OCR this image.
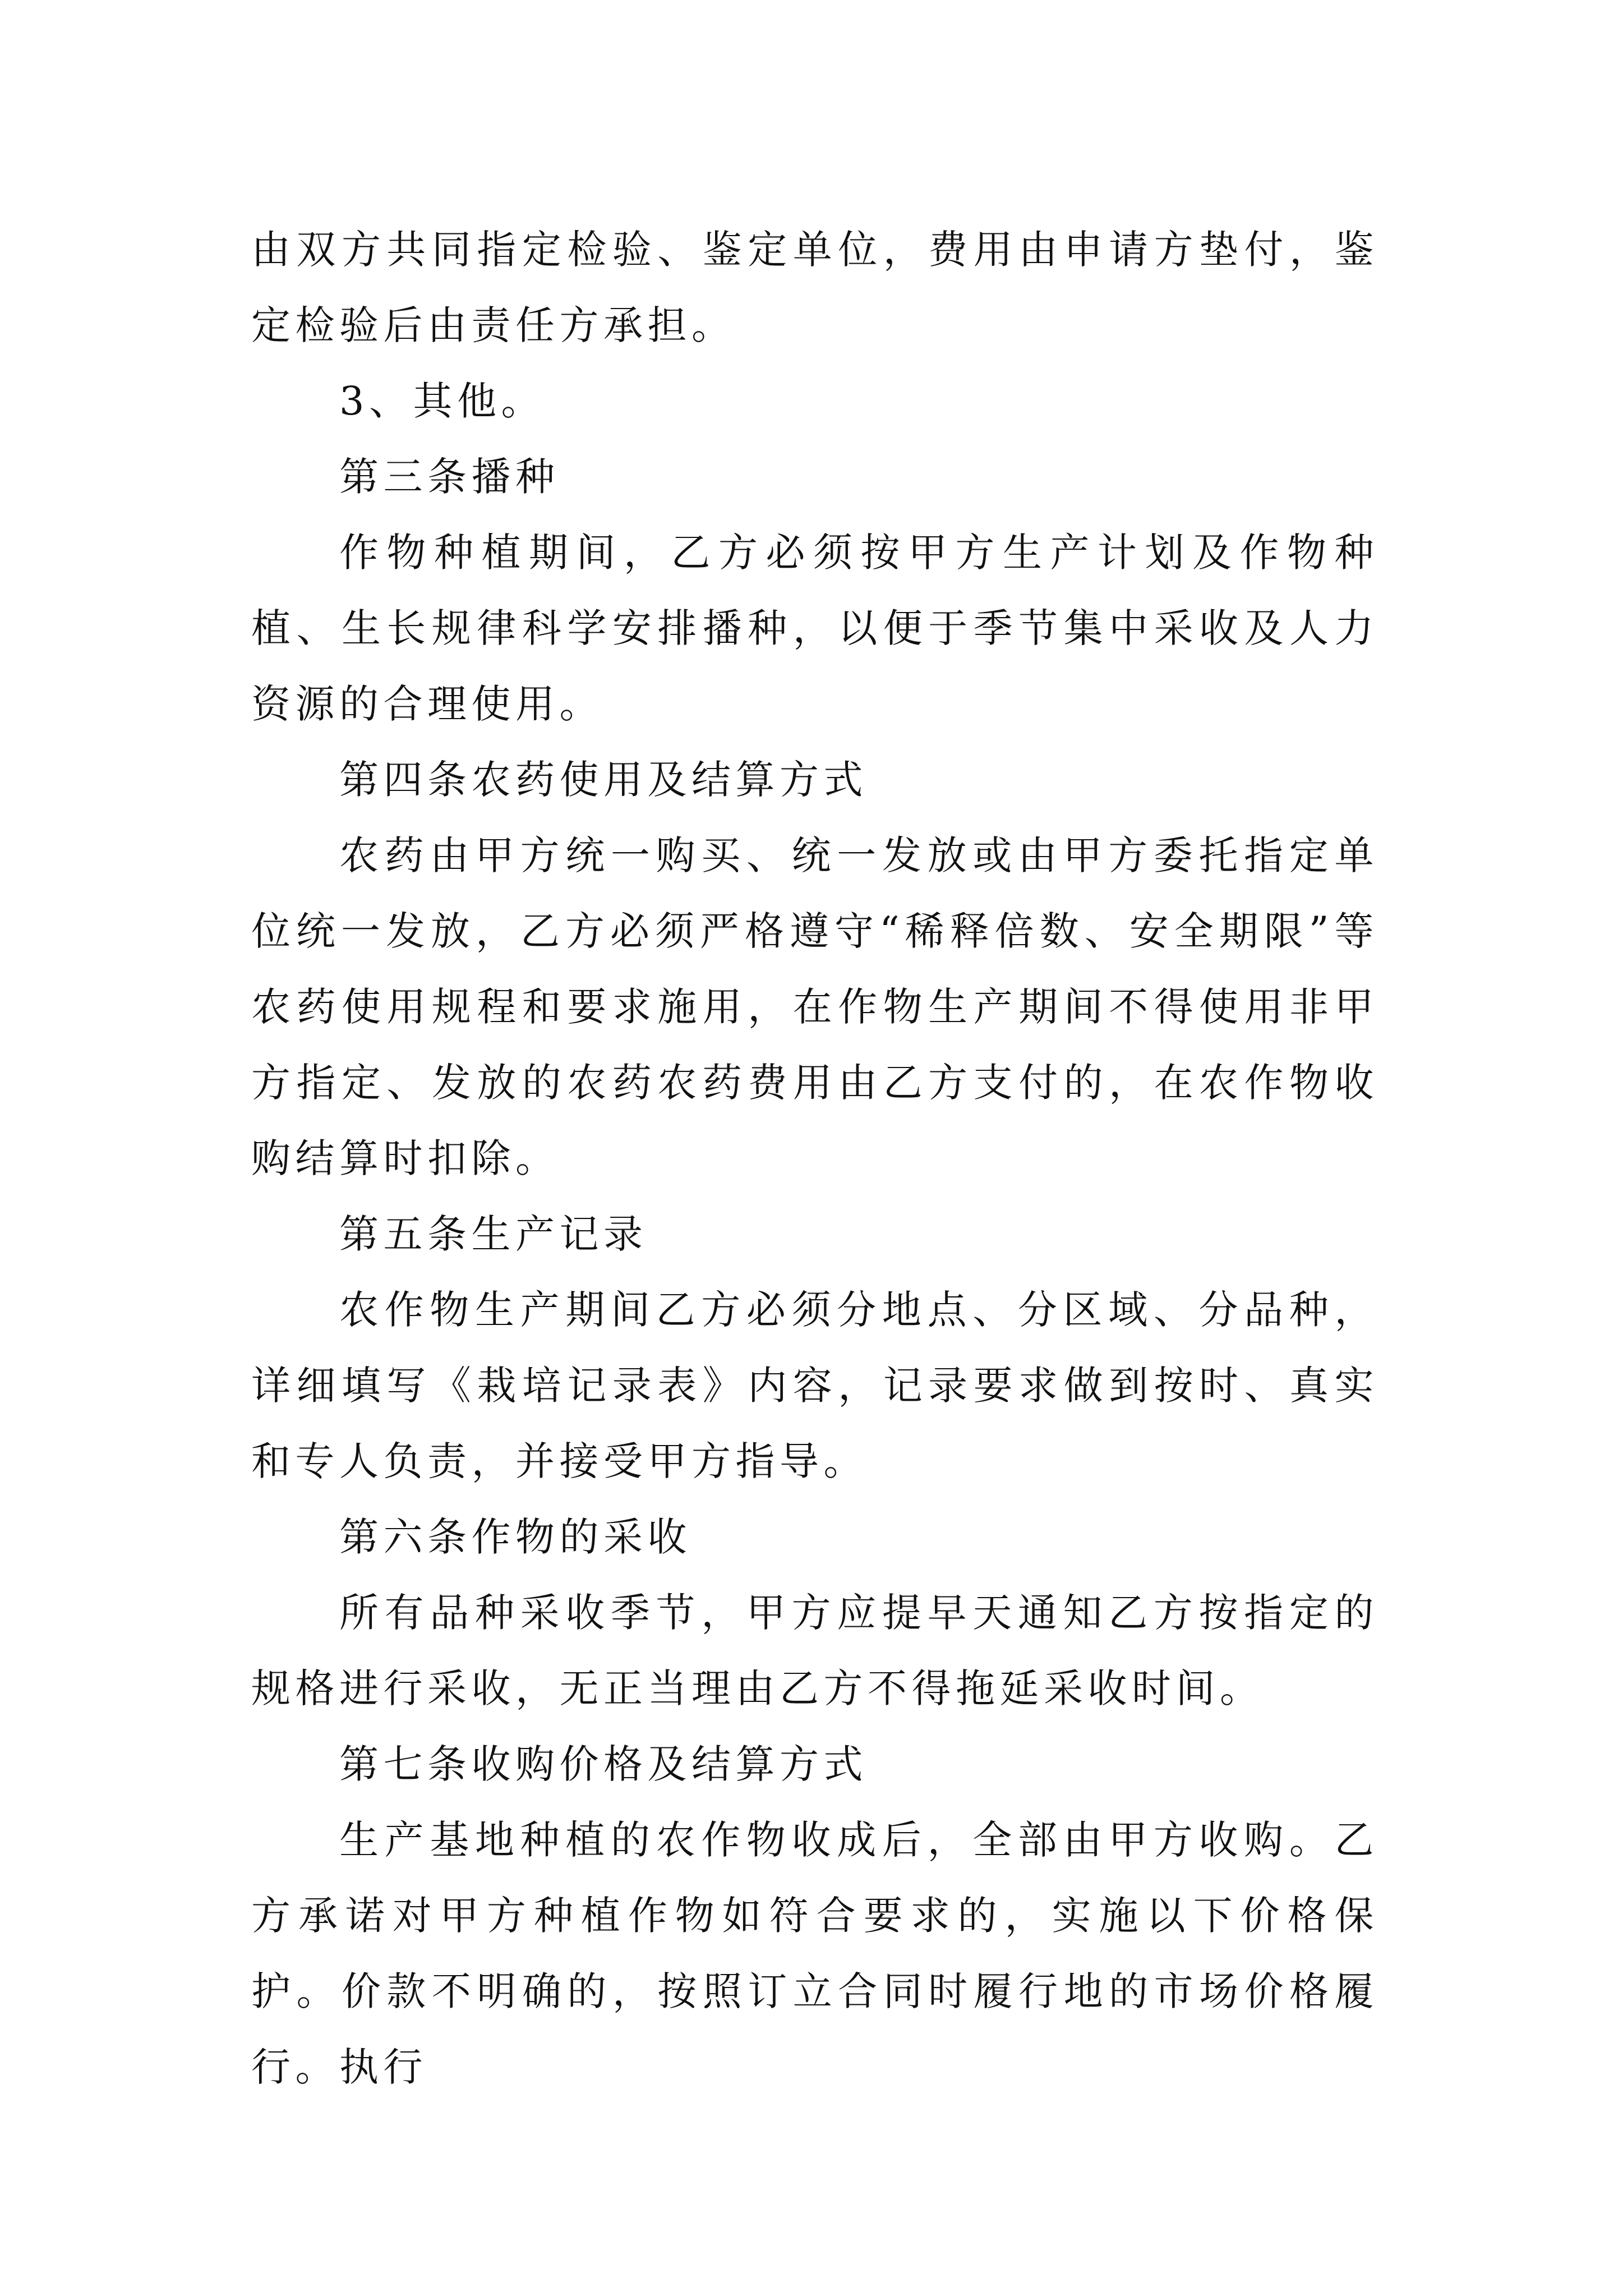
由双方共同指定检验、鉴定单位，费用由申请方垫付，鉴定检验后由责任方承担。

3、其他。

第三条播种

作物种植期间，乙方必须按甲方生产计划及作物种植、生长规律科学安排播种，以便于季节集中采收及人力资源的合理使用。

第四条农药使用及结算方式

农药由甲方统一购买、统一发放或由甲方委托指定单位统一发放，乙方必须严格遵守“稀释倍数、安全期限”等农药使用规程和要求施用，在作物生产期间不得使用非甲方指定、发放的农药农药费用由乙方支付的，在农作物收购结算时扣除。

第五条生产记录

农作物生产期间乙方必须分地点、分区域、分品种，详细填写《栽培记录表》内容，记录要求做到按时、真实和专人负责，并接受甲方指导。

第六条作物的采收

所有品种采收季节，甲方应提早天通知乙方按指定的规格进行采收，无正当理由乙方不得拖延采收时间。

第七条收购价格及结算方式

生产基地种植的农作物收成后，全部由甲方收购。乙方承诺对甲方种植作物如符合要求的，实施以下价格保护。价款不明确的，按照订立合同时履行地的市场价格履行。执行
